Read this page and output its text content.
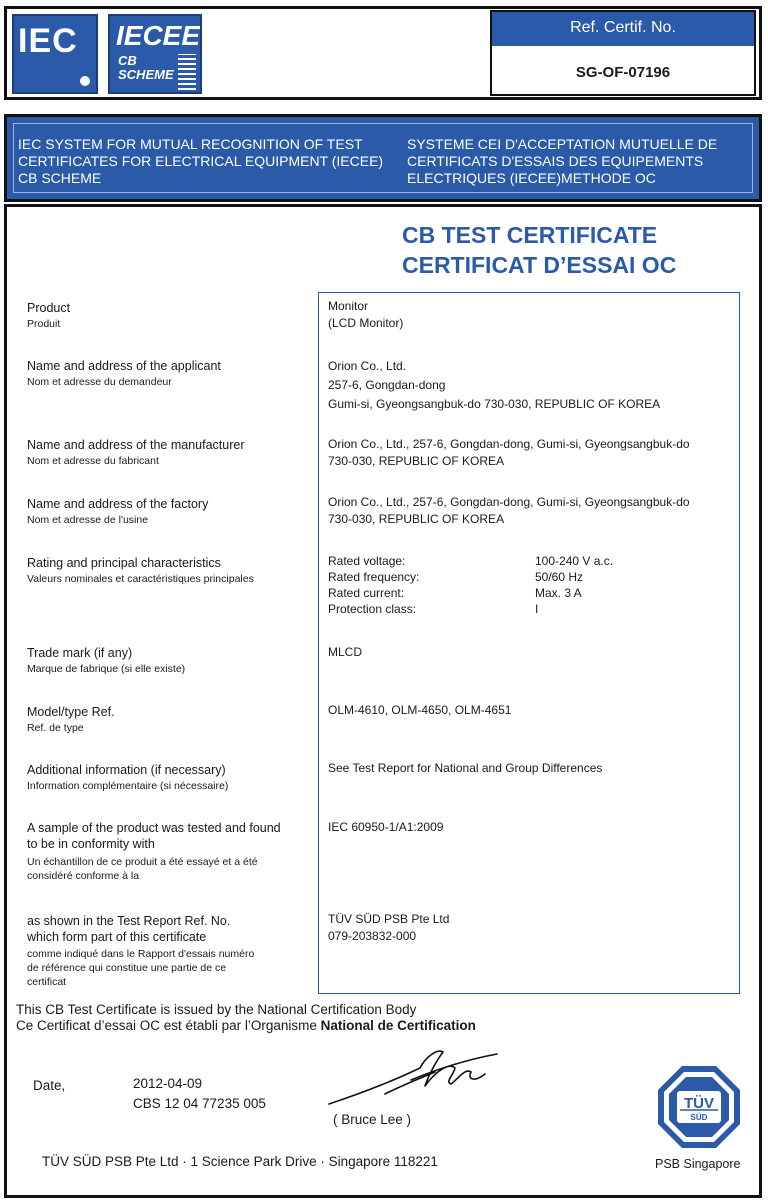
IEC IECEE
CB
SCHEME
Ref. Certif. No.
SG-OF-07196
IEC SYSTEM FOR MUTUAL RECOGNITION OF TEST
CERTIFICATES FOR ELECTRICAL EQUIPMENT (IECEE)
CB SCHEME
SYSTEME CEI D'ACCEPTATION MUTUELLE DE
CERTIFICATS D'ESSAIS DES EQUIPEMENTS
ELECTRIQUES (IECEE)METHODE OC
CB TEST CERTIFICATE
CERTIFICAT D’ESSAI OC
Product
Produit
Monitor
(LCD Monitor)
Name and address of the applicant
Nom et adresse du demandeur
Orion Co., Ltd.
257-6, Gongdan-dong
Gumi-si, Gyeongsangbuk-do 730-030, REPUBLIC OF KOREA
Name and address of the manufacturer
Nom et adresse du fabricant
Orion Co., Ltd., 257-6, Gongdan-dong, Gumi-si, Gyeongsangbuk-do
730-030, REPUBLIC OF KOREA
Name and address of the factory
Nom et adresse de l'usine
Orion Co., Ltd., 257-6, Gongdan-dong, Gumi-si, Gyeongsangbuk-do
730-030, REPUBLIC OF KOREA
Rating and principal characteristics
Valeurs nominales et caractéristiques principales
Rated voltage:
Rated frequency:
Rated current:
Protection class:
100-240 V a.c.
50/60 Hz
Max. 3 A
I
Trade mark (if any)
Marque de fabrique (si elle existe)
MLCD
Model/type Ref.
Ref. de type
OLM-4610, OLM-4650, OLM-4651
Additional information (if necessary)
Information complémentaire (si nécessaire)
See Test Report for National and Group Differences
A sample of the product was tested and found
to be in conformity with
Un échantillon de ce produit a été essayé et a été
considéré conforme à la
IEC 60950-1/A1:2009
as shown in the Test Report Ref. No.
which form part of this certificate
comme indiqué dans le Rapport d'essais numéro
de référence qui constitue une partie de ce
certificat
TÜV SÜD PSB Pte Ltd
079-203832-000
This CB Test Certificate is issued by the National Certification Body
Ce Certificat d’essai OC est établi par l’Organisme National de Certification
Date,	2012-04-09
CBS 12 04 77235 005
( Bruce Lee )
TÜV SÜD PSB Pte Ltd · 1 Science Park Drive · Singapore 118221
TÜV
SÜD
PSB Singapore
